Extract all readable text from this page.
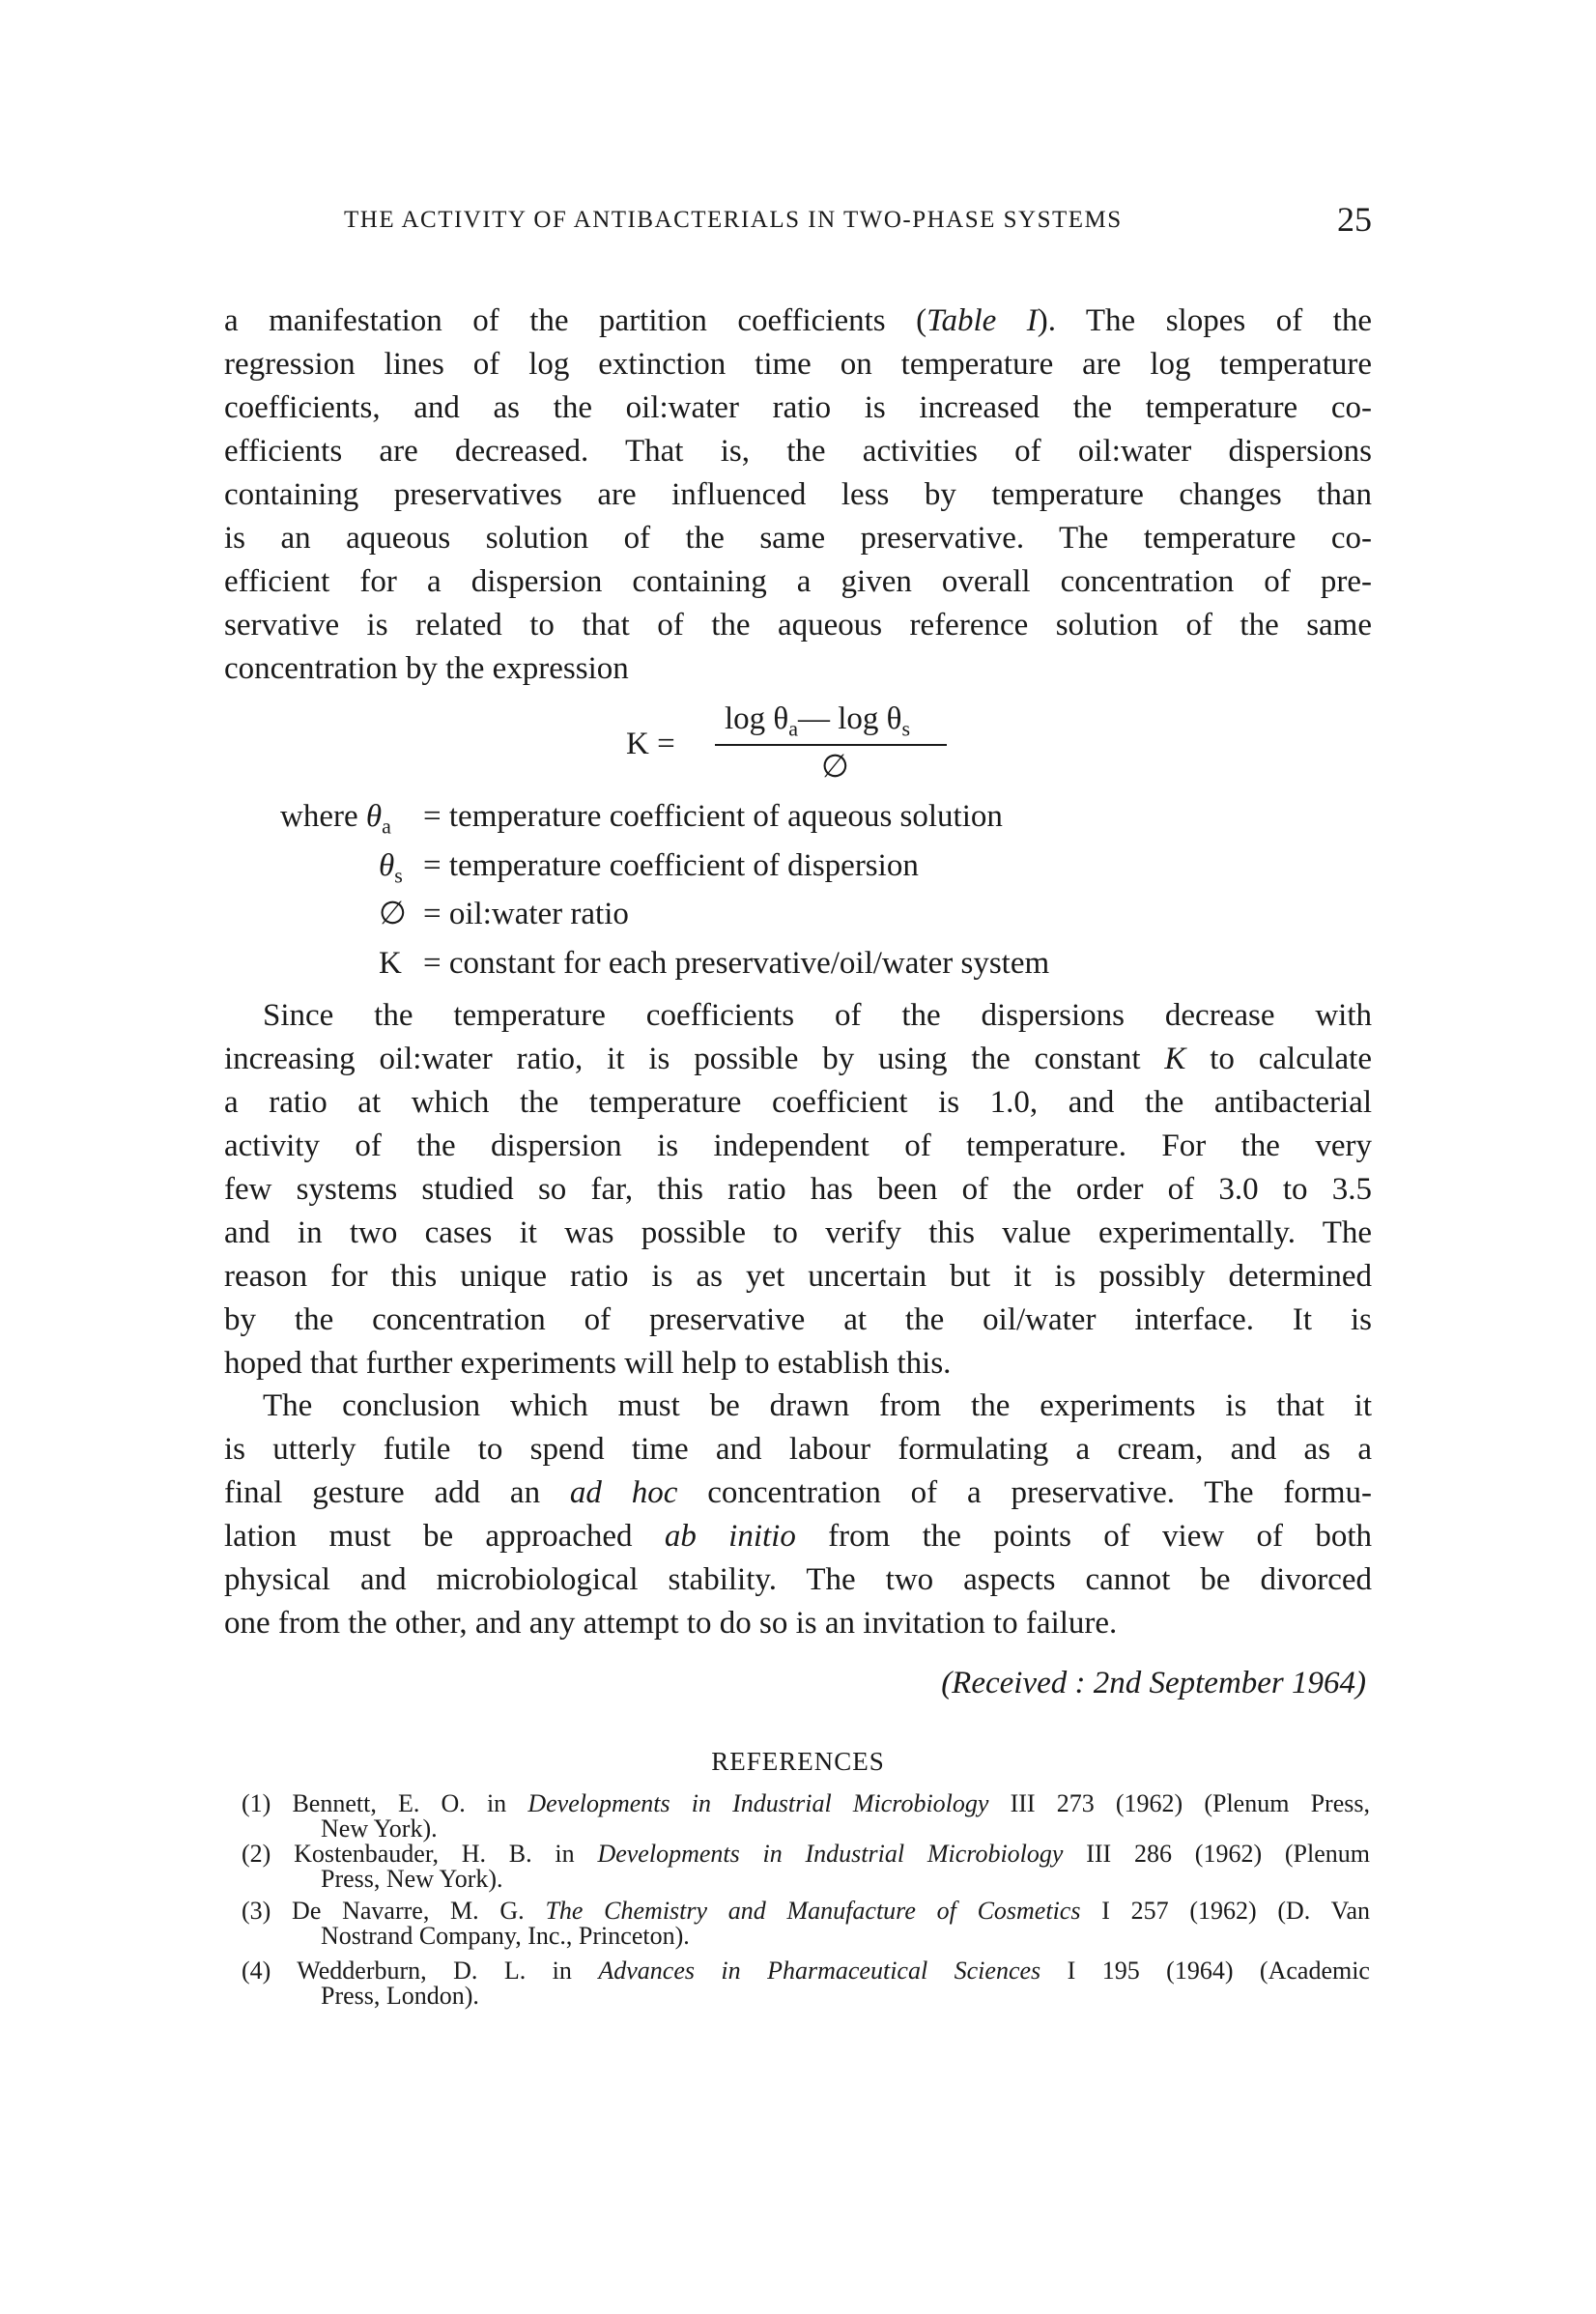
THE ACTIVITY OF ANTIBACTERIALS IN TWO-PHASE SYSTEMS	25
a manifestation of the partition coefficients (Table I). The slopes of the
regression lines of log extinction time on temperature are log temperature
coefficients, and as the oil:water ratio is increased the temperature co-
efficients are decreased. That is, the activities of oil:water dispersions
containing preservatives are influenced less by temperature changes than
is an aqueous solution of the same preservative. The temperature co-
efficient for a dispersion containing a given overall concentration of pre-
servative is related to that of the aqueous reference solution of the same
concentration by the expression
Since the temperature coefficients of the dispersions decrease with
increasing oil:water ratio, it is possible by using the constant K to calculate
a ratio at which the temperature coefficient is 1.0, and the antibacterial
activity of the dispersion is independent of temperature. For the very
few systems studied so far, this ratio has been of the order of 3.0 to 3.5
and in two cases it was possible to verify this value experimentally. The
reason for this unique ratio is as yet uncertain but it is possibly determined
by the concentration of preservative at the oil/water interface. It is
hoped that further experiments will help to establish this.
The conclusion which must be drawn from the experiments is that it
is utterly futile to spend time and labour formulating a cream, and as a
final gesture add an ad hoc concentration of a preservative. The formu-
lation must be approached ab initio from the points of view of both
physical and microbiological stability. The two aspects cannot be divorced
one from the other, and any attempt to do so is an invitation to failure.
K =
$\log \theta_a—$ $\log \theta_s$
∅
where $\theta_a$ = temperature coefficient of aqueous solution
$\theta_s$ = temperature coefficient of dispersion
∅ = oil:water ratio
K = constant for each preservative/oil/water system
(Received : 2nd September 1964)
REFERENCES
(1) Bennett, E. O. in Developments in Industrial Microbiology III 273 (1962) (Plenum Press,
New York).
(2) Kostenbauder, H. B. in Developments in Industrial Microbiology III 286 (1962) (Plenum
Press, New York).
(3) De Navarre, M. G. The Chemistry and Manufacture of Cosmetics I 257 (1962) (D. Van
Nostrand Company, Inc., Princeton).
(4) Wedderburn, D. L. in Advances in Pharmaceutical Sciences I 195 (1964) (Academic
Press, London).
